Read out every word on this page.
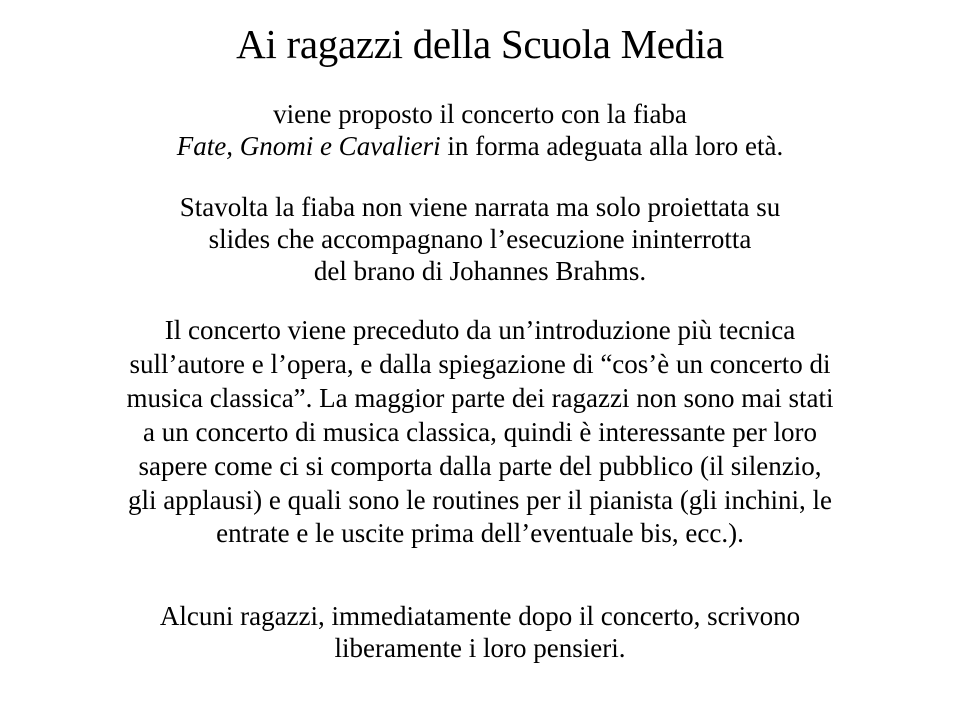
Ai ragazzi della Scuola Media
viene proposto il concerto con la fiaba
Fate, Gnomi e Cavalieri in forma adeguata alla loro età.
Stavolta la fiaba non viene narrata ma solo proiettata su
slides che accompagnano l’esecuzione ininterrotta
del brano di Johannes Brahms.
Il concerto viene preceduto da un’introduzione più tecnica
sull’autore e l’opera, e dalla spiegazione di “cos’è un concerto di
musica classica”. La maggior parte dei ragazzi non sono mai stati
a un concerto di musica classica, quindi è interessante per loro
sapere come ci si comporta dalla parte del pubblico (il silenzio,
gli applausi) e quali sono le routines per il pianista (gli inchini, le
entrate e le uscite prima dell’eventuale bis, ecc.).
Alcuni ragazzi, immediatamente dopo il concerto, scrivono
liberamente i loro pensieri.
